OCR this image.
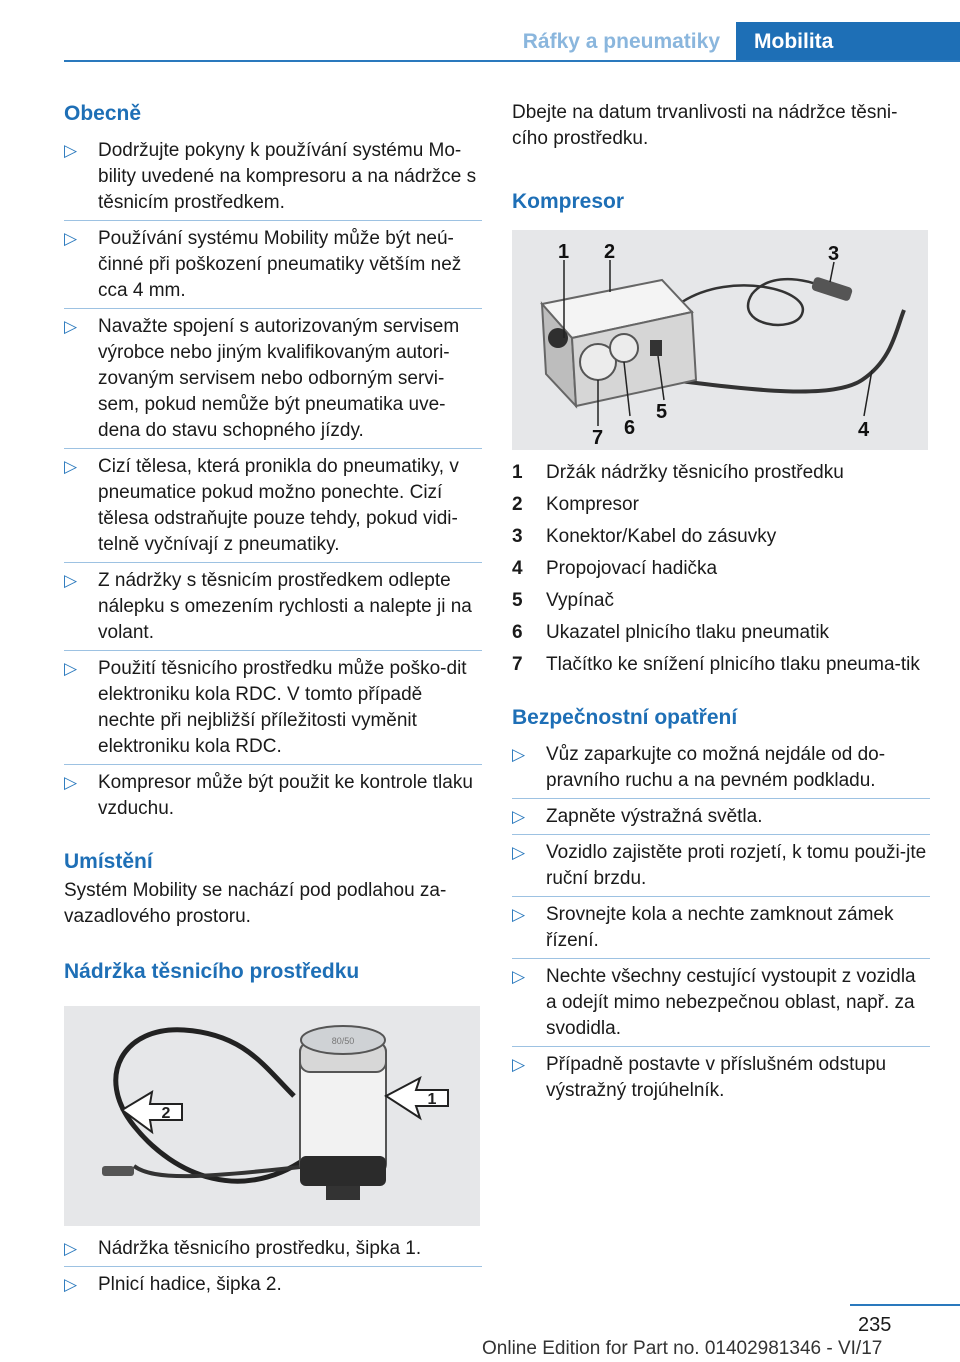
Ráfky a pneumatiky Mobilita
Obecně
▷ Dodržujte pokyny k používání systému Mo-bility uvedené na kompresoru a na nádržce s těsnicím prostředkem.
▷ Používání systému Mobility může být neú-činné při poškození pneumatiky větším než cca 4 mm.
▷ Navažte spojení s autorizovaným servisem výrobce nebo jiným kvalifikovaným autori-zovaným servisem nebo odborným servi-sem, pokud nemůže být pneumatika uve-dena do stavu schopného jízdy.
▷ Cizí tělesa, která pronikla do pneumatiky, v pneumatice pokud možno ponechte. Cizí tělesa odstraňujte pouze tehdy, pokud vidi-telně vyčnívají z pneumatiky.
▷ Z nádržky s těsnicím prostředkem odlepte nálepku s omezením rychlosti a nalepte ji na volant.
▷ Použití těsnicího prostředku může poško-dit elektroniku kola RDC. V tomto případě nechte při nejbližší příležitosti vyměnit elektroniku kola RDC.
▷ Kompresor může být použit ke kontrole tlaku vzduchu.
Umístění

Systém Mobility se nachází pod podlahou za-vazadlového prostoru.

Nádržka těsnicího prostředku
80/50
1
2
▷ Nádržka těsnicího prostředku, šipka 1.
▷ Plnicí hadice, šipka 2.

Dbejte na datum trvanlivosti na nádržce těsni-cího prostředku.

Kompresor
1 2	3
4
5
6
7
1	Držák nádržky těsnicího prostředku
2	Kompresor
3	Konektor/Kabel do zásuvky
4	Propojovací hadička
5	Vypínač
6	Ukazatel plnicího tlaku pneumatik
7	Tlačítko ke snížení plnicího tlaku pneuma-tik
Bezpečnostní opatření
▷ Vůz zaparkujte co možná nejdále od do-pravního ruchu a na pevném podkladu.
▷ Zapněte výstražná světla.
▷ Vozidlo zajistěte proti rozjetí, k tomu použi-jte ruční brzdu.
▷ Srovnejte kola a nechte zamknout zámek řízení.
▷ Nechte všechny cestující vystoupit z vozidla a odejít mimo nebezpečnou oblast, např. za svodidla.
▷ Případně postavte v příslušném odstupu výstražný trojúhelník.
235
Online Edition for Part no. 01402981346 - VI/17
